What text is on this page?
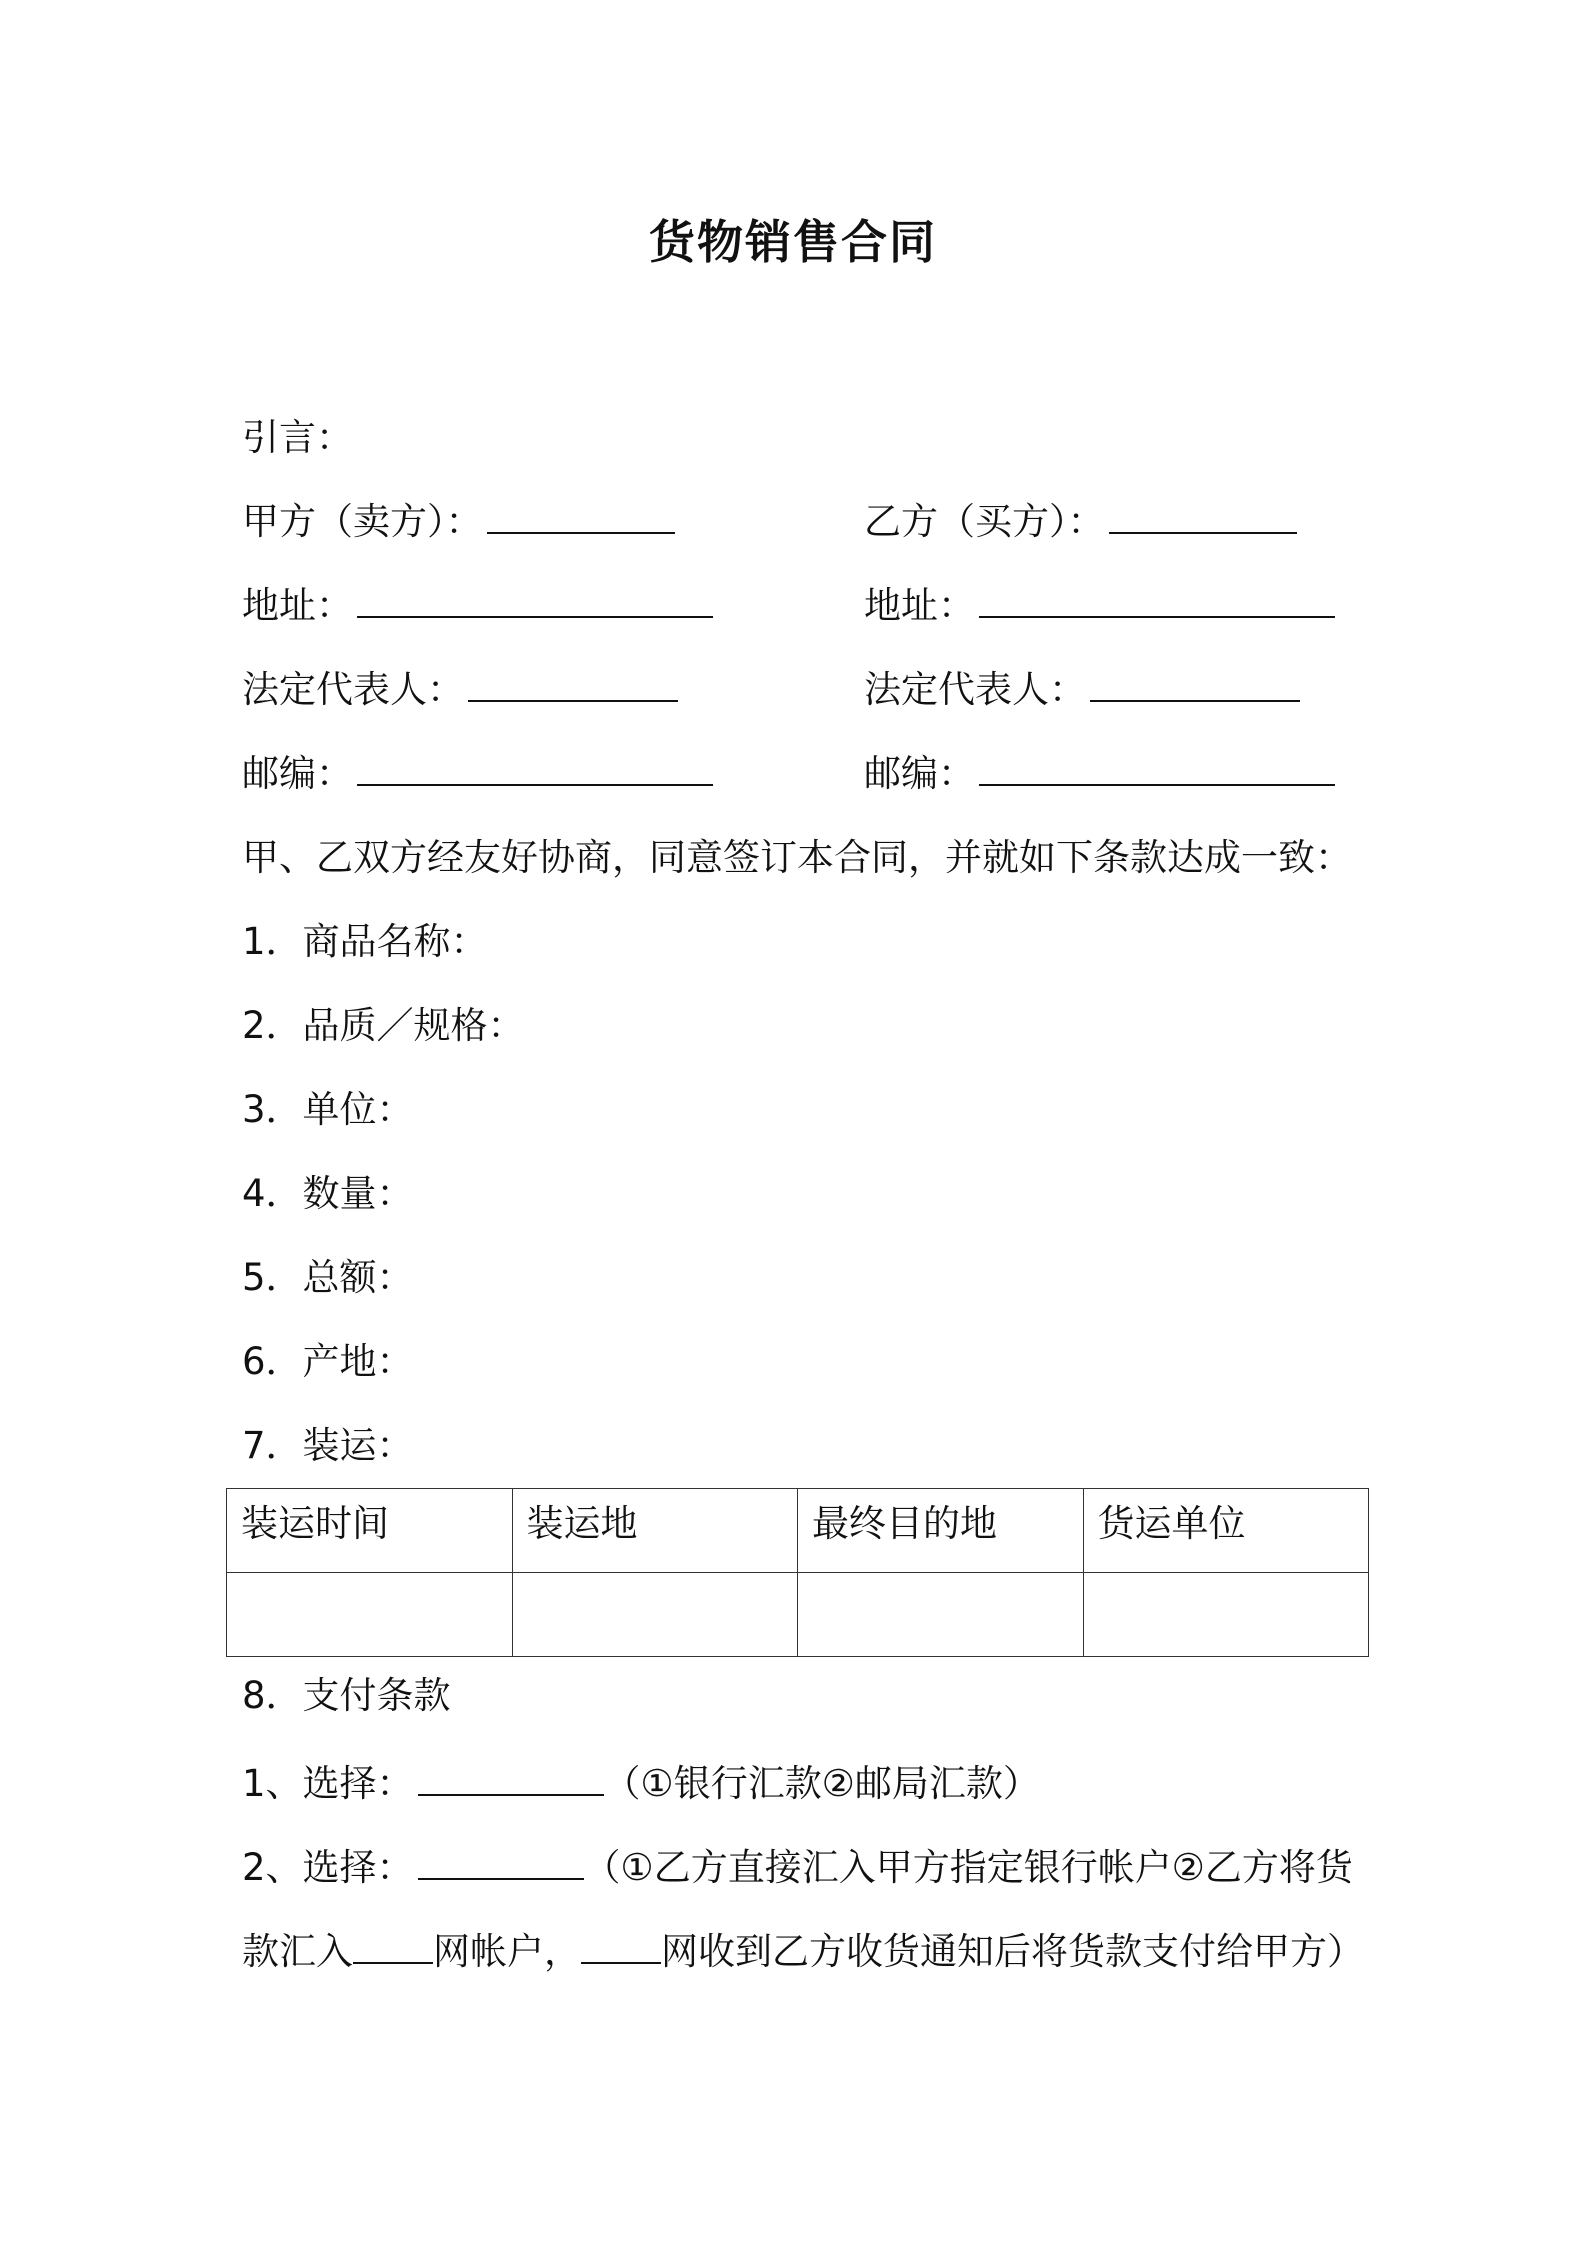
货物销售合同
引言：
甲方（卖方）：	乙方（买方）：
地址：	地址：
法定代表人：	法定代表人：
邮编：	邮编：
甲、乙双方经友好协商，同意签订本合同，并就如下条款达成一致：
1．商品名称：
2．品质／规格：
3．单位：
4．数量：
5．总额：
6．产地：
7．装运：
装运时间	装运地	最终目的地	货运单位

8．支付条款
1、选择：	（①银行汇款②邮局汇款）
2、选择：	（①乙方直接汇入甲方指定银行帐户②乙方将货
款汇入 网帐户， 网收到乙方收货通知后将货款支付给甲方）
